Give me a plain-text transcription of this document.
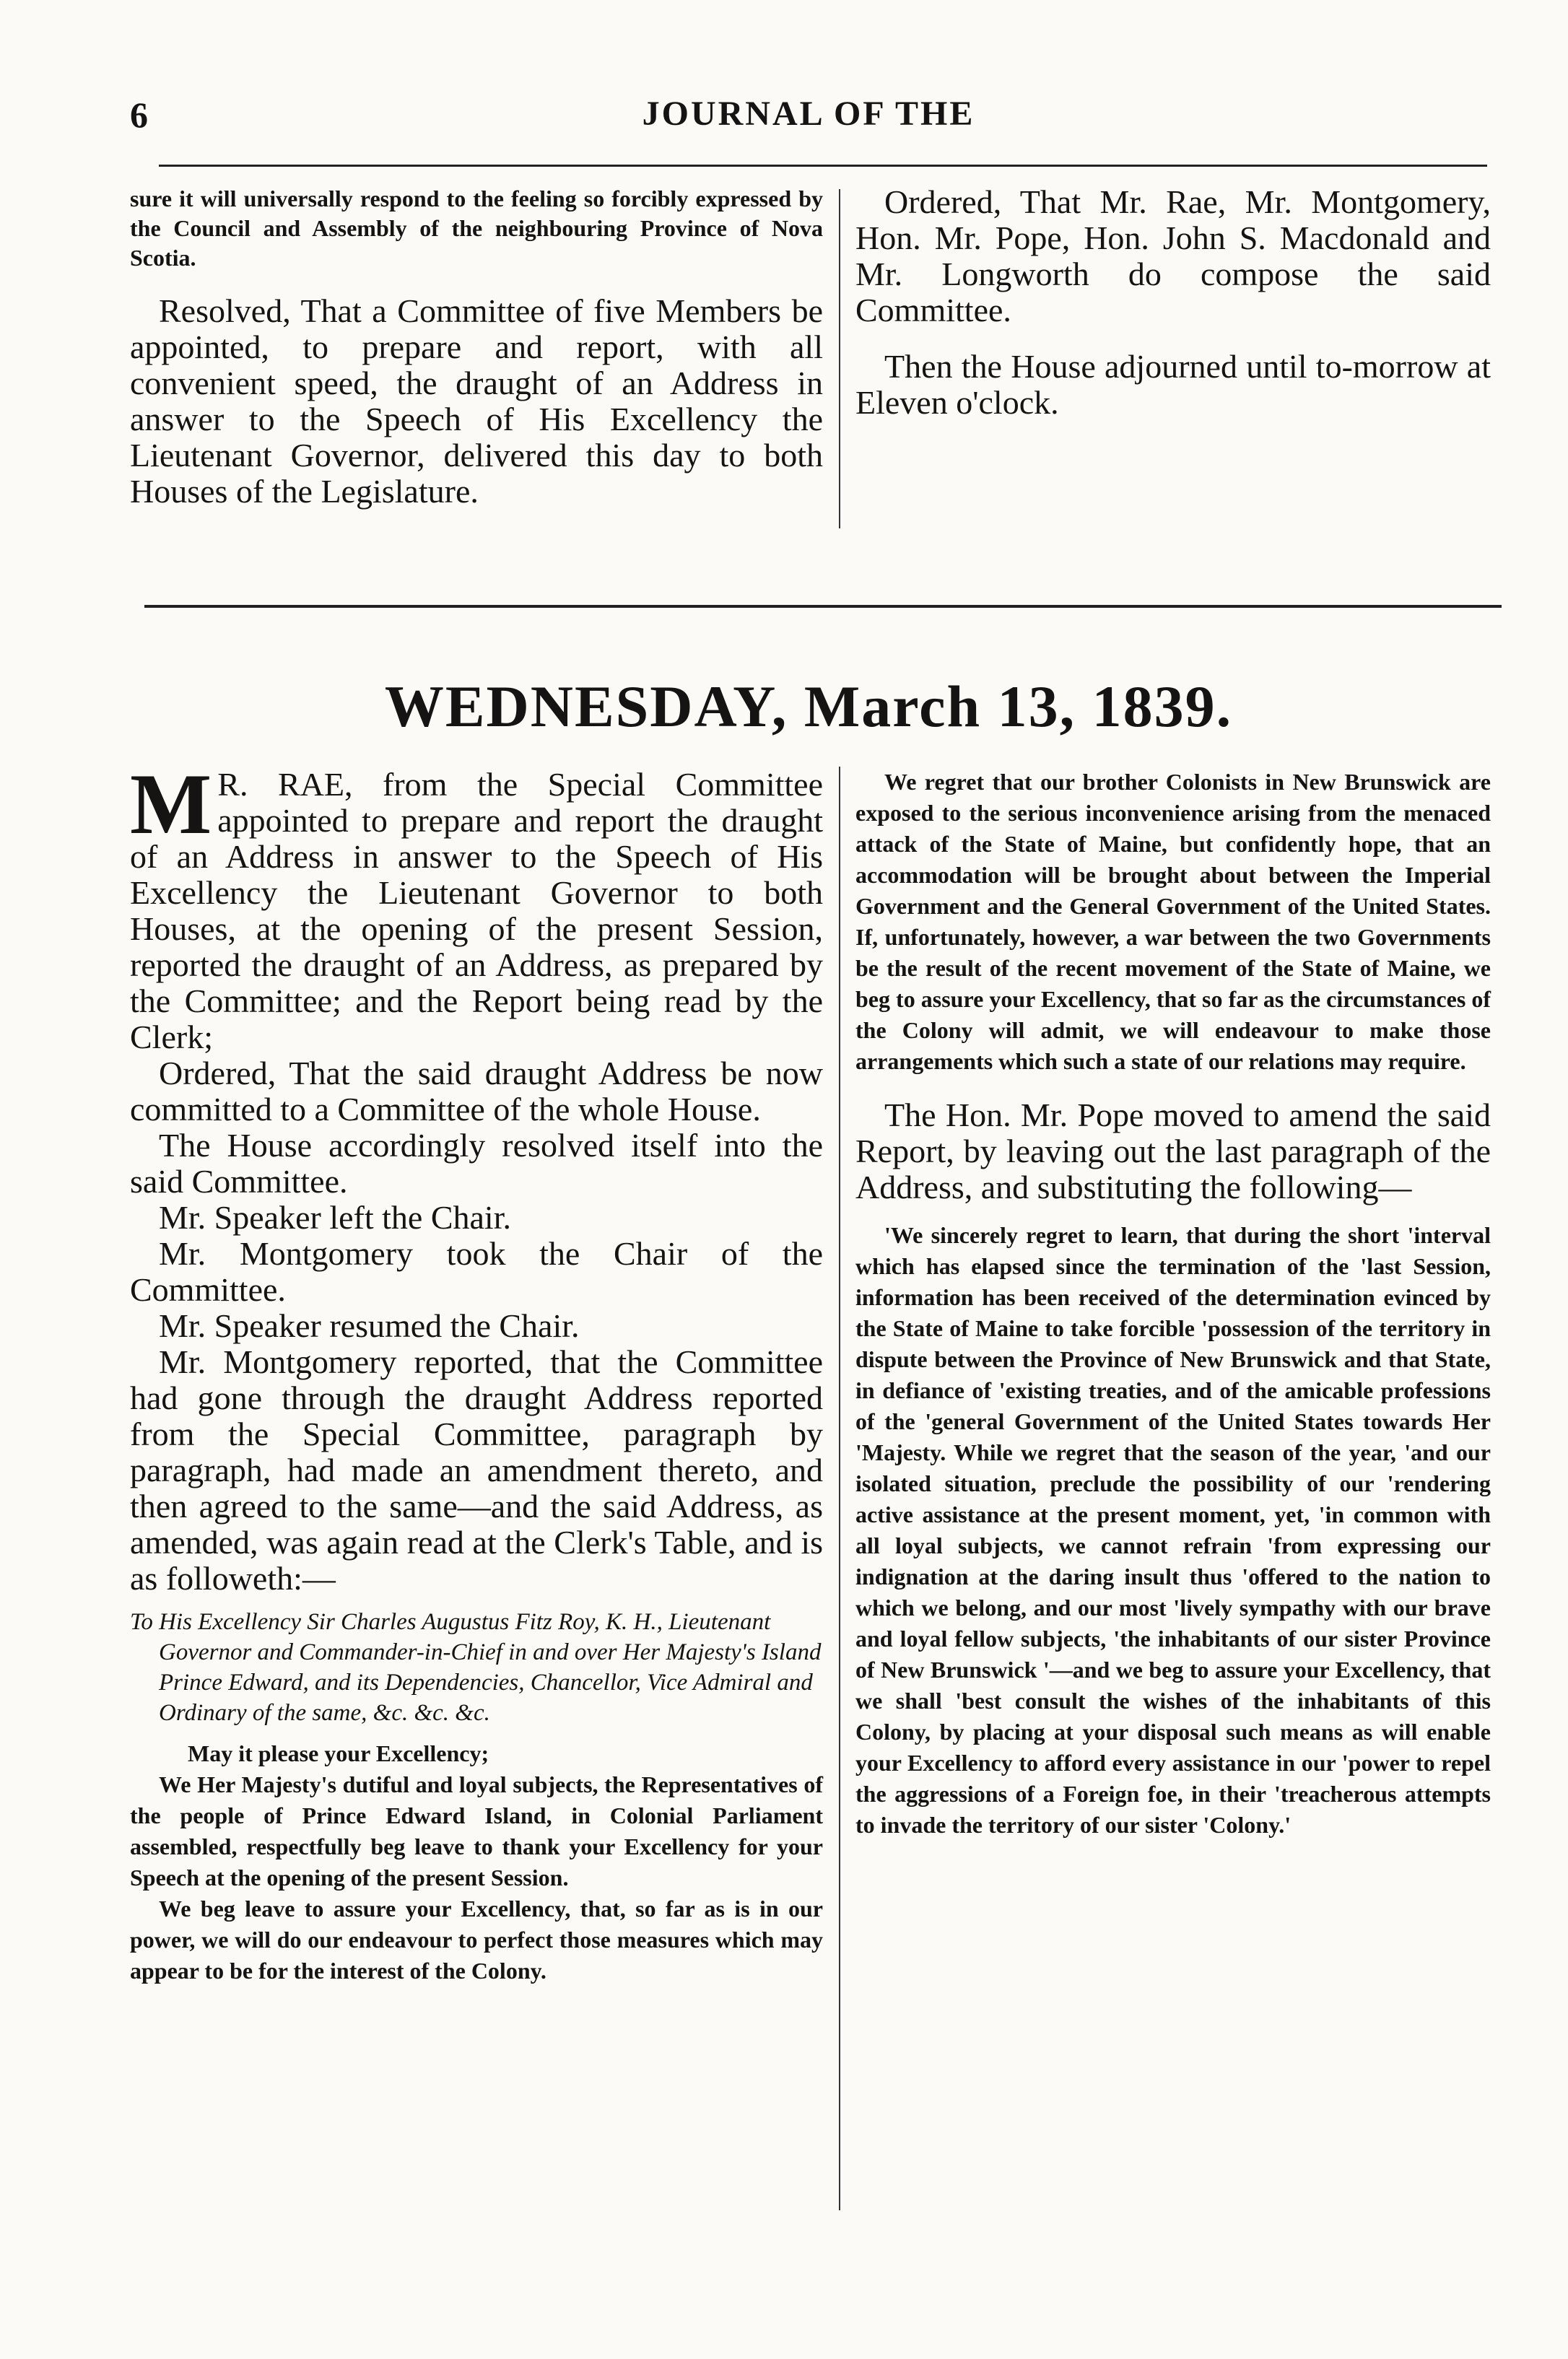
6	JOURNAL OF THE

sure it will universally respond to the feeling so forcibly expressed by the Council and Assembly of the neighbouring Province of Nova Scotia.

Resolved, That a Committee of five Members be appointed, to prepare and report, with all convenient speed, the draught of an Address in answer to the Speech of His Excellency the Lieutenant Governor, delivered this day to both Houses of the Legislature.

Ordered, That Mr. Rae, Mr. Montgomery, Hon. Mr. Pope, Hon. John S. Macdonald and Mr. Longworth do compose the said Committee.

Then the House adjourned until to-morrow at Eleven o'clock.

WEDNESDAY, March 13, 1839.

M R. RAE, from the Special Committee appointed to prepare and report the draught of an Address in answer to the Speech of His Excellency the Lieutenant Governor to both Houses, at the opening of the present Session, reported the draught of an Address, as prepared by the Committee; and the Report being read by the Clerk;

Ordered, That the said draught Address be now committed to a Committee of the whole House.

The House accordingly resolved itself into the said Committee.

Mr. Speaker left the Chair.

Mr. Montgomery took the Chair of the Committee.

Mr. Speaker resumed the Chair.

Mr. Montgomery reported, that the Committee had gone through the draught Address reported from the Special Committee, paragraph by paragraph, had made an amendment thereto, and then agreed to the same—and the said Address, as amended, was again read at the Clerk's Table, and is as followeth:—

To His Excellency Sir Charles Augustus Fitz Roy, K. H., Lieutenant Governor and Commander-in-Chief in and over Her Majesty's Island Prince Edward, and its Dependencies, Chancellor, Vice Admiral and Ordinary of the same, &c. &c. &c.

May it please your Excellency;

We Her Majesty's dutiful and loyal subjects, the Representatives of the people of Prince Edward Island, in Colonial Parliament assembled, respectfully beg leave to thank your Excellency for your Speech at the opening of the present Session.

We beg leave to assure your Excellency, that, so far as is in our power, we will do our endeavour to perfect those measures which may appear to be for the interest of the Colony.

We regret that our brother Colonists in New Brunswick are exposed to the serious inconvenience arising from the menaced attack of the State of Maine, but confidently hope, that an accommodation will be brought about between the Imperial Government and the General Government of the United States. If, unfortunately, however, a war between the two Governments be the result of the recent movement of the State of Maine, we beg to assure your Excellency, that so far as the circumstances of the Colony will admit, we will endeavour to make those arrangements which such a state of our relations may require.

The Hon. Mr. Pope moved to amend the said Report, by leaving out the last paragraph of the Address, and substituting the following—

'We sincerely regret to learn, that during the short 'interval which has elapsed since the termination of the 'last Session, information has been received of the determination evinced by the State of Maine to take forcible 'possession of the territory in dispute between the Province of New Brunswick and that State, in defiance of 'existing treaties, and of the amicable professions of the 'general Government of the United States towards Her 'Majesty. While we regret that the season of the year, 'and our isolated situation, preclude the possibility of our 'rendering active assistance at the present moment, yet, 'in common with all loyal subjects, we cannot refrain 'from expressing our indignation at the daring insult thus 'offered to the nation to which we belong, and our most 'lively sympathy with our brave and loyal fellow subjects, 'the inhabitants of our sister Province of New Brunswick '—and we beg to assure your Excellency, that we shall 'best consult the wishes of the inhabitants of this Colony, by placing at your disposal such means as will enable your Excellency to afford every assistance in our 'power to repel the aggressions of a Foreign foe, in their 'treacherous attempts to invade the territory of our sister 'Colony.'
